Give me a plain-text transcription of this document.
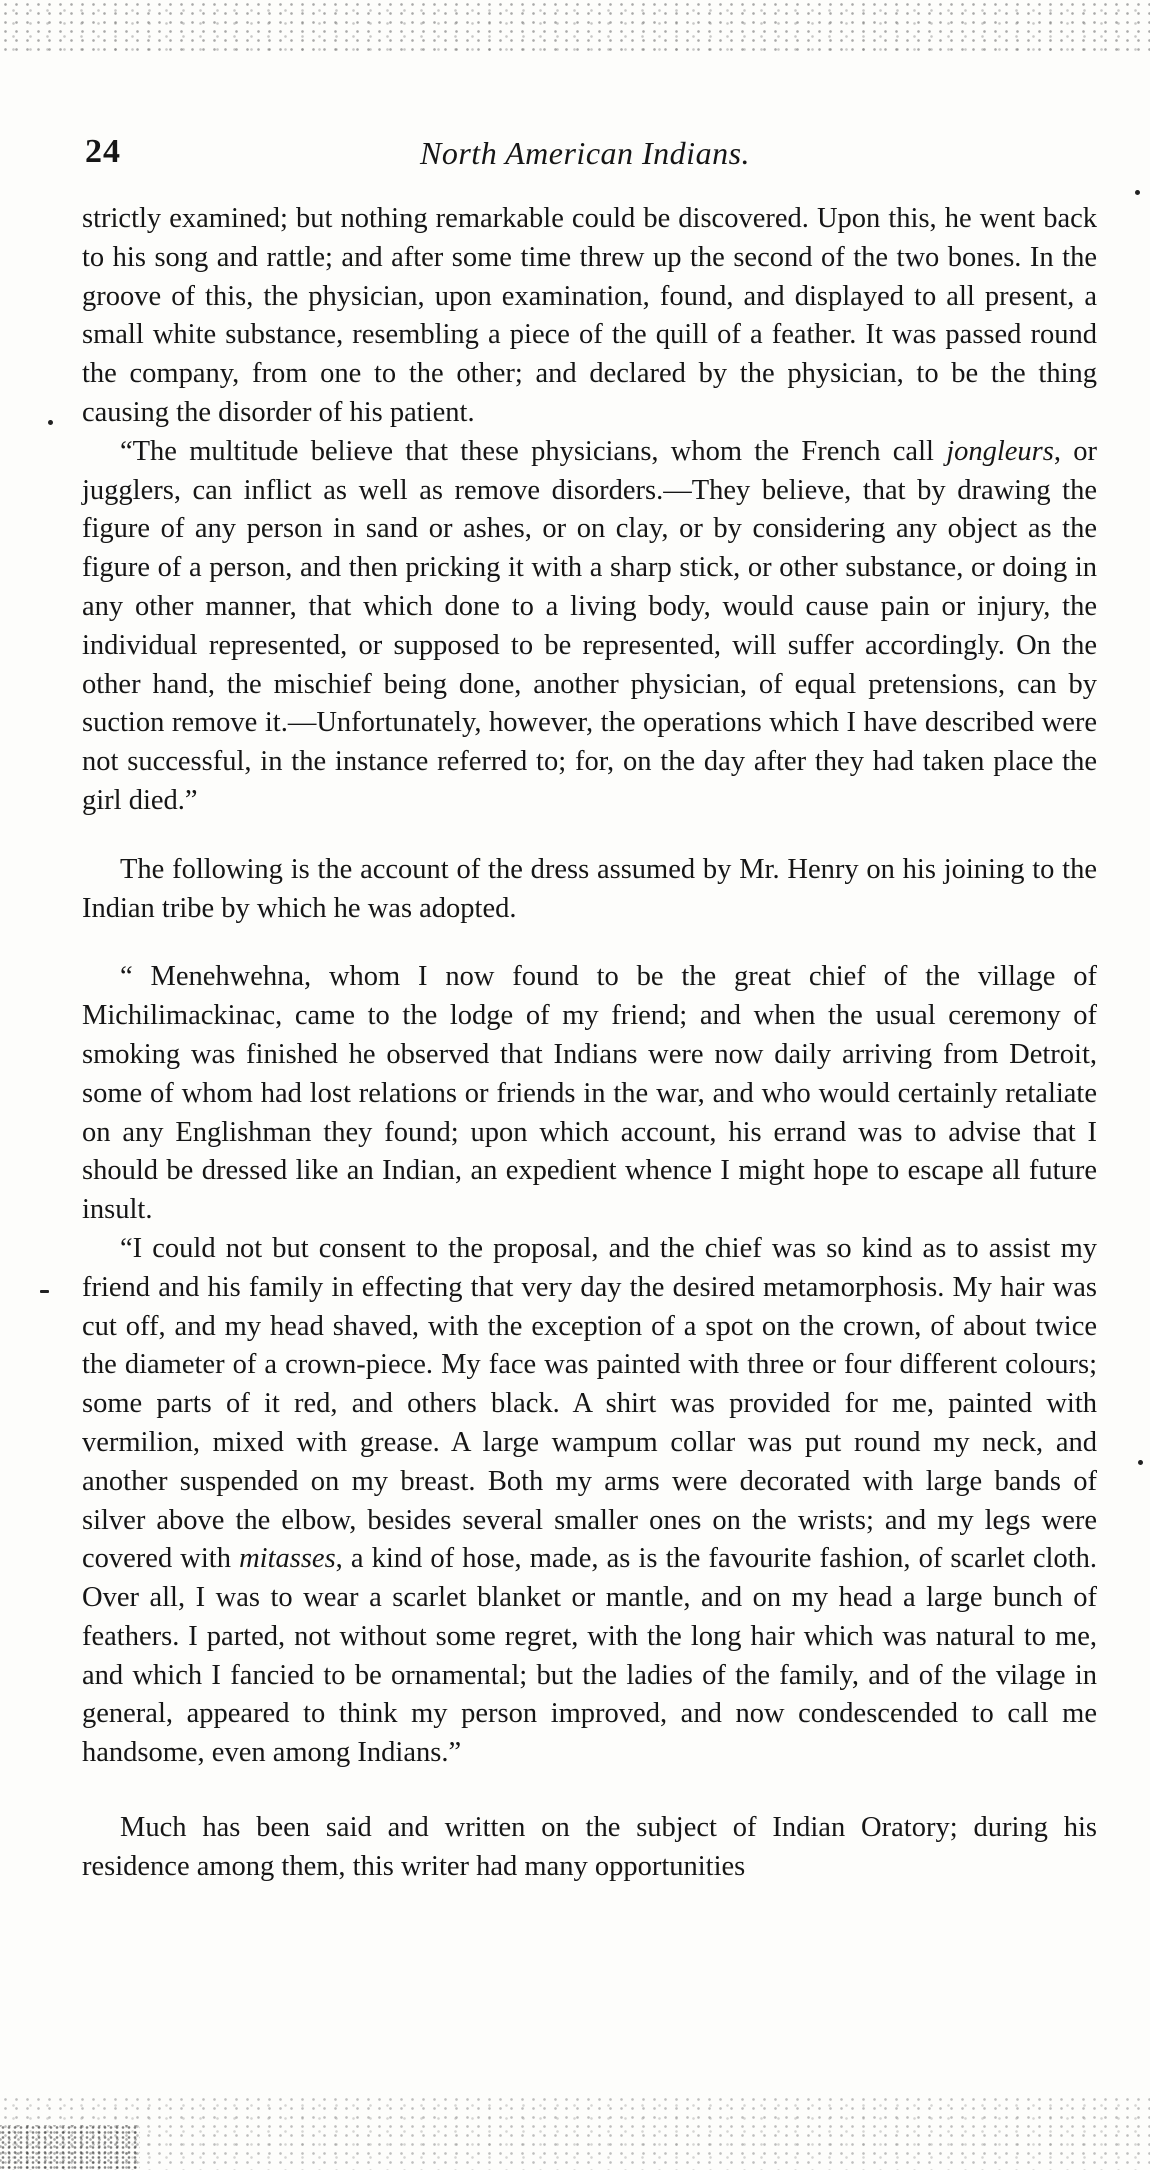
24	North American Indians.

strictly examined; but nothing remarkable could be discovered. Upon this, he went back to his song and rattle; and after some time threw up the second of the two bones. In the groove of this, the physician, upon examination, found, and displayed to all present, a small white substance, resembling a piece of the quill of a feather. It was passed round the company, from one to the other; and declared by the physician, to be the thing causing the disorder of his patient.

“The multitude believe that these physicians, whom the French call jongleurs, or jugglers, can inflict as well as remove disorders.—They believe, that by drawing the figure of any person in sand or ashes, or on clay, or by considering any object as the figure of a person, and then pricking it with a sharp stick, or other substance, or doing in any other manner, that which done to a living body, would cause pain or injury, the individual represented, or supposed to be represented, will suffer accordingly. On the other hand, the mischief being done, another physician, of equal pretensions, can by suction remove it.—Unfortunately, however, the operations which I have described were not successful, in the instance referred to; for, on the day after they had taken place the girl died.”

The following is the account of the dress assumed by Mr. Henry on his joining to the Indian tribe by which he was adopted.

“ Menehwehna, whom I now found to be the great chief of the village of Michilimackinac, came to the lodge of my friend; and when the usual ceremony of smoking was finished he observed that Indians were now daily arriving from Detroit, some of whom had lost relations or friends in the war, and who would certainly retaliate on any Englishman they found; upon which account, his errand was to advise that I should be dressed like an Indian, an expedient whence I might hope to escape all future insult.

“I could not but consent to the proposal, and the chief was so kind as to assist my friend and his family in effecting that very day the desired metamorphosis. My hair was cut off, and my head shaved, with the exception of a spot on the crown, of about twice the diameter of a crown-piece. My face was painted with three or four different colours; some parts of it red, and others black. A shirt was provided for me, painted with vermilion, mixed with grease. A large wampum collar was put round my neck, and another suspended on my breast. Both my arms were decorated with large bands of silver above the elbow, besides several smaller ones on the wrists; and my legs were covered with mitasses, a kind of hose, made, as is the favourite fashion, of scarlet cloth. Over all, I was to wear a scarlet blanket or mantle, and on my head a large bunch of feathers. I parted, not without some regret, with the long hair which was natural to me, and which I fancied to be ornamental; but the ladies of the family, and of the vilage in general, appeared to think my person improved, and now condescended to call me handsome, even among Indians.”

Much has been said and written on the subject of Indian Oratory; during his residence among them, this writer had many opportunities
